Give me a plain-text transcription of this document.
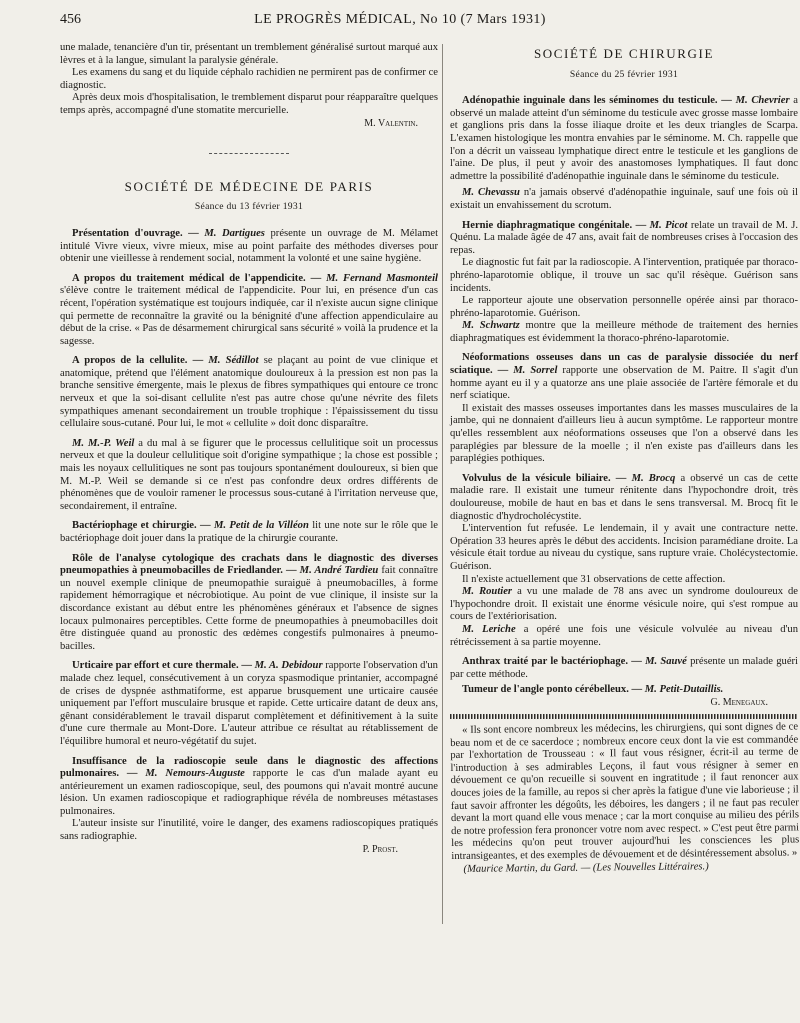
456	LE PROGRÈS MÉDICAL, No 10 (7 Mars 1931)

une malade, tenancière d'un tir, présentant un tremblement généralisé surtout marqué aux lèvres et à la langue, simulant la paralysie générale.

Les examens du sang et du liquide céphalo rachidien ne permirent pas de confirmer ce diagnostic.

Après deux mois d'hospitalisation, le tremblement disparut pour réapparaître quelques temps après, accompagné d'une stomatite mercurielle.

M. Valentin.
SOCIÉTÉ DE MÉDECINE DE PARIS
Séance du 13 février 1931

Présentation d'ouvrage. — M. Dartigues présente un ouvrage de M. Mélamet intitulé Vivre vieux, vivre mieux, mise au point parfaite des méthodes diverses pour obtenir une vieillesse à rendement social, notamment la volonté et une saine hygiène.

A propos du traitement médical de l'appendicite. — M. Fernand Masmonteil s'élève contre le traitement médical de l'appendicite. Pour lui, en présence d'un cas récent, l'opération systématique est toujours indiquée, car il n'existe aucun signe clinique qui permette de reconnaître la gravité ou la bénignité d'une affection appendiculaire au début de la crise. « Pas de désarmement chirurgical sans sécurité » voilà la prudence et la sagesse.

A propos de la cellulite. — M. Sédillot se plaçant au point de vue clinique et anatomique, prétend que l'élément anatomique douloureux à la pression est non pas la branche sensitive émergente, mais le plexus de fibres sympathiques qui entoure ce tronc nerveux et que la soi-disant cellulite n'est pas autre chose qu'une névrite des filets sympathiques amenant secondairement un trouble trophique : l'épaississement du tissu cellulaire sous-cutané. Pour lui, le mot « cellulite » doit donc disparaître.

M. M.-P. Weil a du mal à se figurer que le processus cellulitique soit un processus nerveux et que la douleur cellulitique soit d'origine sympathique ; la chose est possible ; mais les noyaux cellulitiques ne sont pas toujours spontanément douloureux, si bien que M. M.-P. Weil se demande si ce n'est pas confondre deux ordres différents de phénomènes que de vouloir ramener le processus sous-cutané à l'irritation nerveuse que, secondairement, il entraîne.

Bactériophage et chirurgie. — M. Petit de la Villéon lit une note sur le rôle que le bactériophage doit jouer dans la pratique de la chirurgie courante.

Rôle de l'analyse cytologique des crachats dans le diagnostic des diverses pneumopathies à pneumobacilles de Friedlander. — M. André Tardieu fait connaître un nouvel exemple clinique de pneumopathie suraiguë à pneumobacilles, à forme rapidement hémorragique et nécrobiotique. Au point de vue clinique, il insiste sur la discordance existant au début entre les phénomènes généraux et l'absence de signes locaux pulmonaires perceptibles. Cette forme de pneumopathies à pneumobacilles doit être distinguée quand au pronostic des œdèmes congestifs pulmonaires à pneumo-bacilles.

Urticaire par effort et cure thermale. — M. A. Debidour rapporte l'observation d'un malade chez lequel, consécutivement à un coryza spasmodique printanier, accompagné de crises de dyspnée asthmatiforme, est apparue brusquement une urticaire causée uniquement par l'effort musculaire brusque et rapide. Cette urticaire datant de deux ans, gênant considérablement le travail disparut complètement et définitivement à la suite d'une cure thermale au Mont-Dore. L'auteur attribue ce résultat au rétablissement de l'équilibre humoral et neuro-végétatif du sujet.

Insuffisance de la radioscopie seule dans le diagnostic des affections pulmonaires. — M. Nemours-Auguste rapporte le cas d'un malade ayant eu antérieurement un examen radioscopique, seul, des poumons qui n'avait montré aucune lésion. Un examen radioscopique et radiographique révéla de nombreuses métastases pulmonaires.

L'auteur insiste sur l'inutilité, voire le danger, des examens radioscopiques pratiqués sans radiographie.

P. Prost.
SOCIÉTÉ DE CHIRURGIE
Séance du 25 février 1931

Adénopathie inguinale dans les séminomes du testicule. — M. Chevrier a observé un malade atteint d'un séminome du testicule avec grosse masse lombaire et ganglions pris dans la fosse iliaque droite et les deux triangles de Scarpa. L'examen histologique les montra envahies par le séminome. M. Ch. rappelle que l'on a décrit un vaisseau lymphatique direct entre le testicule et les ganglions de l'aine. De plus, il peut y avoir des anastomoses lymphatiques. Il faut donc admettre la possibilité d'adénopathie inguinale dans le séminome du testicule.

M. Chevassu n'a jamais observé d'adénopathie inguinale, sauf une fois où il existait un envahissement du scrotum.

Hernie diaphragmatique congénitale. — M. Picot relate un travail de M. J. Quénu. La malade âgée de 47 ans, avait fait de nombreuses crises à l'occasion des repas.

Le diagnostic fut fait par la radioscopie. A l'intervention, pratiquée par thoraco-phréno-laparotomie oblique, il trouve un sac qu'il résèque. Guérison sans incidents.

Le rapporteur ajoute une observation personnelle opérée ainsi par thoraco-phréno-laparotomie. Guérison.

M. Schwartz montre que la meilleure méthode de traitement des hernies diaphragmatiques est évidemment la thoraco-phréno-laparotomie.

Néoformations osseuses dans un cas de paralysie dissociée du nerf sciatique. — M. Sorrel rapporte une observation de M. Paitre. Il s'agit d'un homme ayant eu il y a quatorze ans une plaie associée de l'artère fémorale et du nerf sciatique.

Il existait des masses osseuses importantes dans les masses musculaires de la jambe, qui ne donnaient d'ailleurs lieu à aucun symptôme. Le rapporteur montre qu'elles ressemblent aux néoformations osseuses que l'on a observé dans les paraplégies par blessure de la moelle ; il n'en existe pas d'ailleurs dans les paraplégies pothiques.

Volvulus de la vésicule biliaire. — M. Brocq a observé un cas de cette maladie rare. Il existait une tumeur rénitente dans l'hypochondre droit, très douloureuse, mobile de haut en bas et dans le sens transversal. M. Brocq fit le diagnostic d'hydrocholécystite.

L'intervention fut refusée. Le lendemain, il y avait une contracture nette. Opération 33 heures après le début des accidents. Incision paramédiane droite. La vésicule était tordue au niveau du cystique, sans rupture vraie. Cholécystectomie. Guérison.

Il n'existe actuellement que 31 observations de cette affection.

M. Routier a vu une malade de 78 ans avec un syndrome douloureux de l'hypochondre droit. Il existait une énorme vésicule noire, qui s'est rompue au cours de l'extériorisation.

M. Leriche a opéré une fois une vésicule volvulée au niveau d'un rétrécissement à sa partie moyenne.

Anthrax traité par le bactériophage. — M. Sauvé présente un malade guéri par cette méthode.

Tumeur de l'angle ponto cérébelleux. — M. Petit-Dutaillis.

G. Menegaux.

« Ils sont encore nombreux les médecins, les chirurgiens, qui sont dignes de ce beau nom et de ce sacerdoce ; nombreux encore ceux dont la vie est commandée par l'exhortation de Trousseau : « Il faut vous résigner, écrit-il au terme de l'introduction à ses admirables Leçons, il faut vous résigner à semer en dévouement ce qu'on recueille si souvent en ingratitude ; il faut renoncer aux douces joies de la famille, au repos si cher après la fatigue d'une vie laborieuse ; il faut savoir affronter les dégoûts, les déboires, les dangers ; il ne faut pas reculer devant la mort quand elle vous menace ; car la mort conquise au milieu des périls de notre profession fera prononcer votre nom avec respect. » C'est peut être parmi les médecins qu'on peut trouver aujourd'hui les consciences les plus intransigeantes, et des exemples de dévouement et de désintéressement absolus. »

(Maurice Martin, du Gard. — (Les Nouvelles Littéraires.)
